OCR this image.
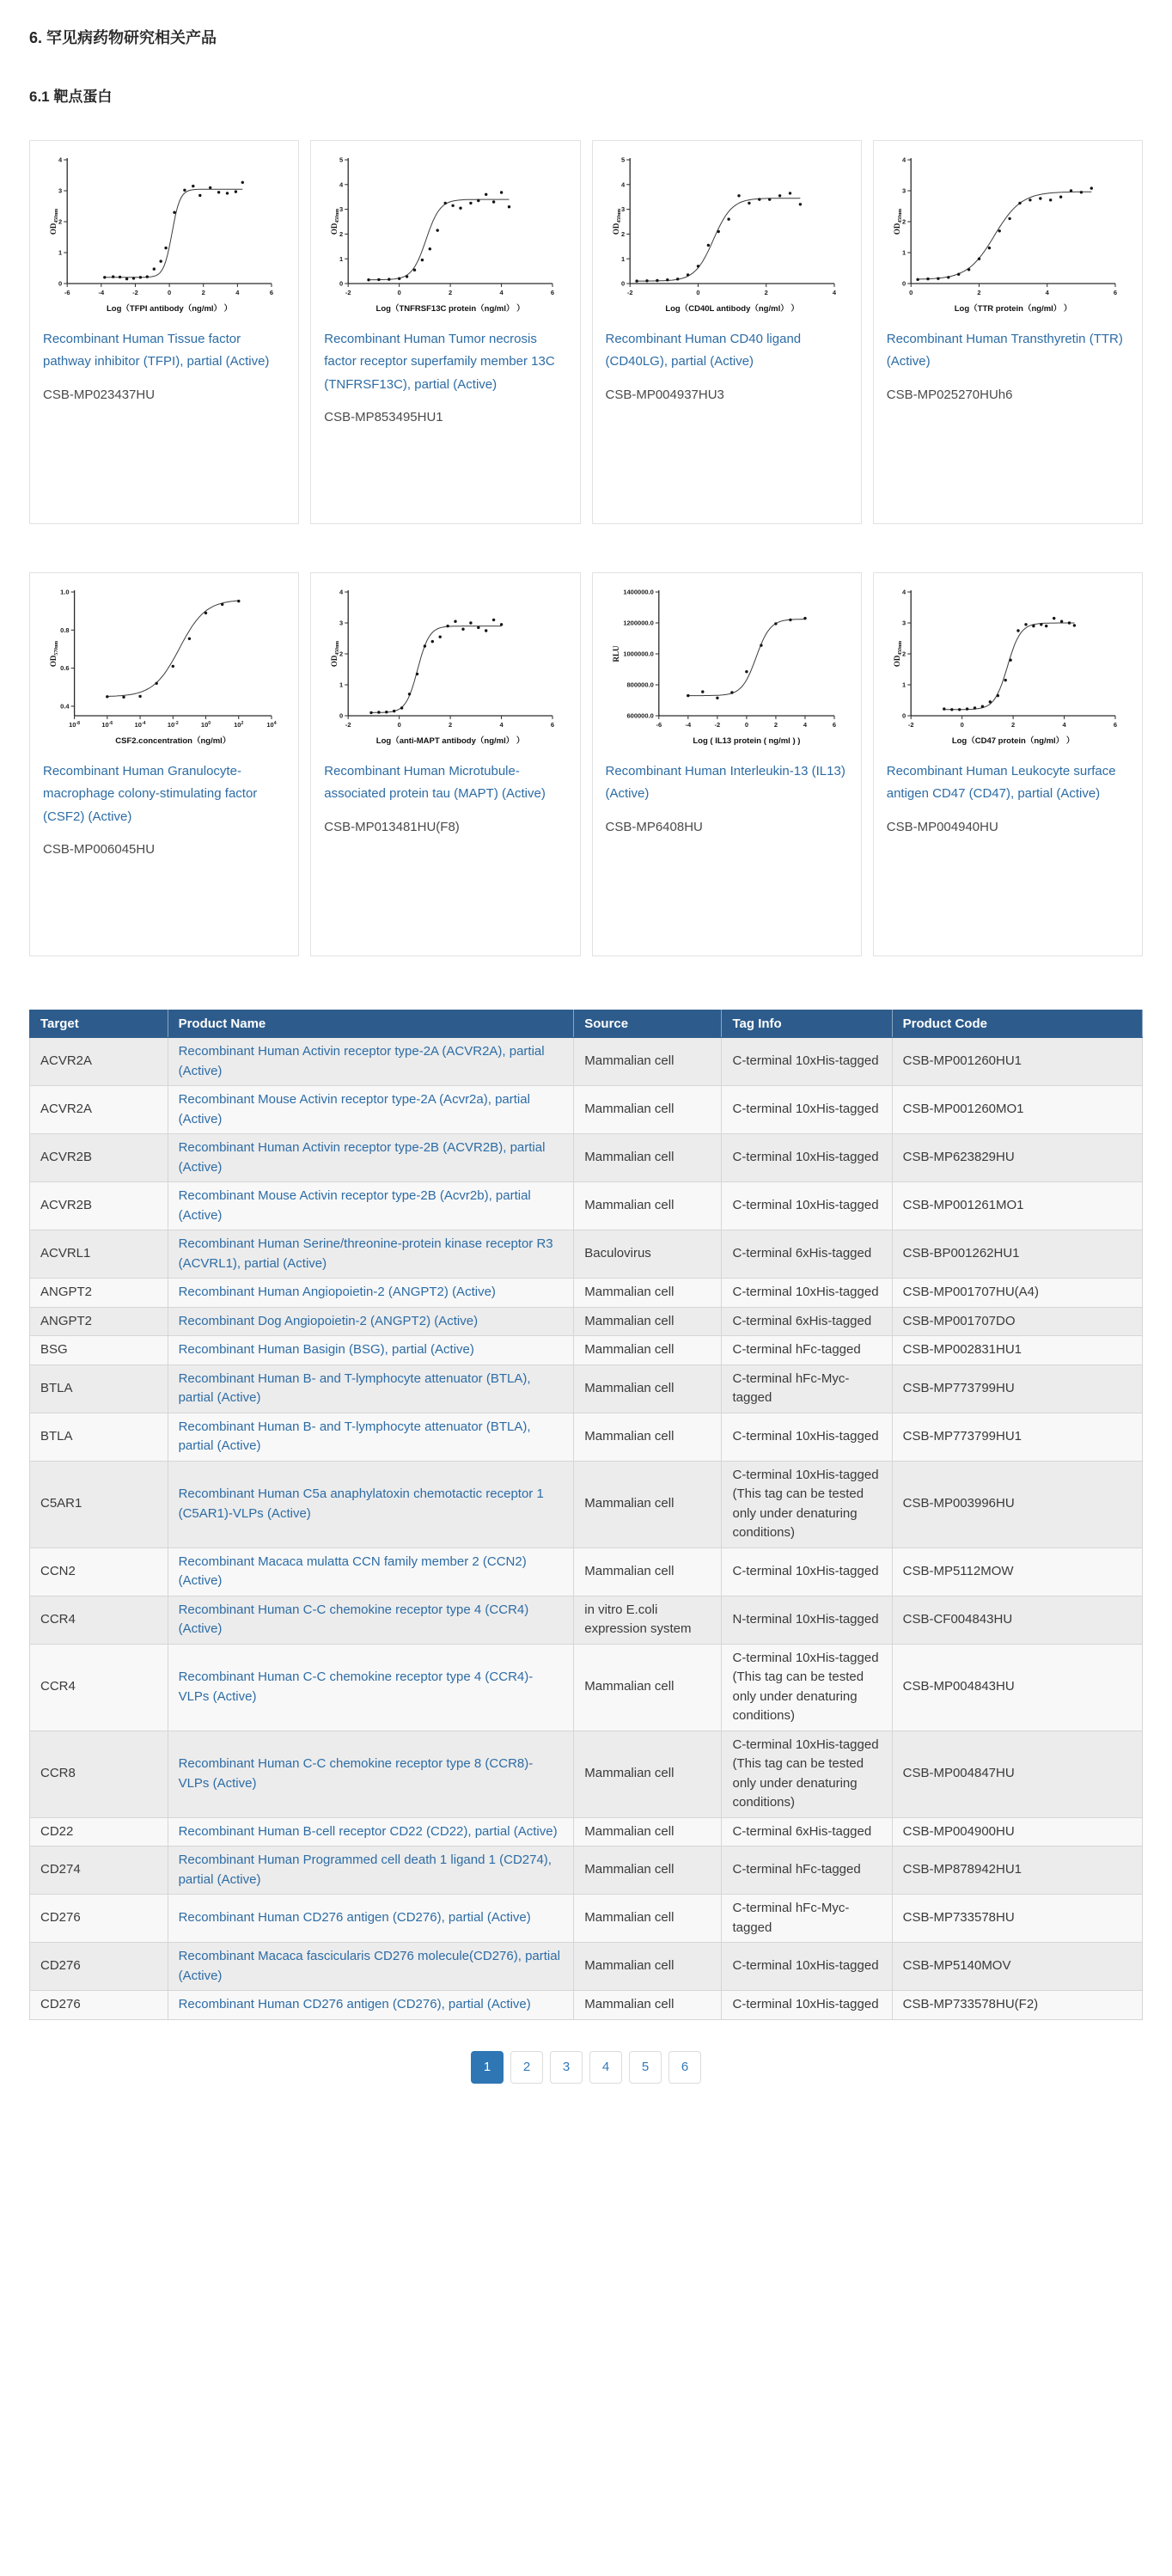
6. 罕见病药物研究相关产品
6.1 靶点蛋白
0
1
2
3
4
-6	-4	-2	0	2	4	6
Log（TFPI antibody（ng/ml） ）
$OD_{450nm}$
Recombinant Human Tissue factor pathway inhibitor (TFPI), partial (Active)
CSB-MP023437HU
0
1
2
3
4
5
-2	0	2	4	6
Log（TNFRSF13C protein（ng/ml） ）
$OD_{450nm}$
Recombinant Human Tumor necrosis factor receptor superfamily member 13C (TNFRSF13C), partial (Active)
CSB-MP853495HU1
0
1
2
3
4
5
-2	0	2	4
Log（CD40L antibody（ng/ml） ）
$OD_{450nm}$
Recombinant Human CD40 ligand (CD40LG), partial (Active)
CSB-MP004937HU3
0
1
2
3
4
0	2	4	6
Log（TTR protein（ng/ml） ）
$OD_{450nm}$
Recombinant Human Transthyretin (TTR) (Active)
CSB-MP025270HUh6
0.4
0.6
0.8
1.0
$10^{-8}$	$10^{-6}$	$10^{-4}$	$10^{-2}$	$10^0$	$10^2$	$10^4$
CSF2.concentration（ng/ml）
$OD_{570nm}$
Recombinant Human Granulocyte-macrophage colony-stimulating factor (CSF2) (Active)
CSB-MP006045HU
0
1
2
3
4
-2	0	2	4	6
Log（anti-MAPT antibody（ng/ml） ）
$OD_{450nm}$
Recombinant Human Microtubule-associated protein tau (MAPT) (Active)
CSB-MP013481HU(F8)
600000.0
800000.0
1000000.0
1200000.0
1400000.0
-6	-4	-2	0	2	4	6
Log ( IL13 protein ( ng/ml ) )
RLU
Recombinant Human Interleukin-13 (IL13) (Active)
CSB-MP6408HU
0
1
2
3
4
-2	0	2	4	6
Log（CD47 protein（ng/ml） ）
$OD_{450nm}$
Recombinant Human Leukocyte surface antigen CD47 (CD47), partial (Active)
CSB-MP004940HU
Target	Product Name	Source	Tag Info	Product Code
ACVR2A	Recombinant Human Activin receptor type-2A (ACVR2A), partial (Active)	Mammalian cell	C-terminal 10xHis-tagged	CSB-MP001260HU1
ACVR2A	Recombinant Mouse Activin receptor type-2A (Acvr2a), partial (Active)	Mammalian cell	C-terminal 10xHis-tagged	CSB-MP001260MO1
ACVR2B	Recombinant Human Activin receptor type-2B (ACVR2B), partial (Active)	Mammalian cell	C-terminal 10xHis-tagged	CSB-MP623829HU
ACVR2B	Recombinant Mouse Activin receptor type-2B (Acvr2b), partial (Active)	Mammalian cell	C-terminal 10xHis-tagged	CSB-MP001261MO1
ACVRL1	Recombinant Human Serine/threonine-protein kinase receptor R3 (ACVRL1), partial (Active)	Baculovirus	C-terminal 6xHis-tagged	CSB-BP001262HU1
ANGPT2	Recombinant Human Angiopoietin-2 (ANGPT2) (Active)	Mammalian cell	C-terminal 10xHis-tagged	CSB-MP001707HU(A4)
ANGPT2	Recombinant Dog Angiopoietin-2 (ANGPT2) (Active)	Mammalian cell	C-terminal 6xHis-tagged	CSB-MP001707DO
BSG	Recombinant Human Basigin (BSG), partial (Active)	Mammalian cell	C-terminal hFc-tagged	CSB-MP002831HU1
BTLA	Recombinant Human B- and T-lymphocyte attenuator (BTLA), partial (Active)	Mammalian cell	C-terminal hFc-Myc-tagged	CSB-MP773799HU
BTLA	Recombinant Human B- and T-lymphocyte attenuator (BTLA), partial (Active)	Mammalian cell	C-terminal 10xHis-tagged	CSB-MP773799HU1
C5AR1	Recombinant Human C5a anaphylatoxin chemotactic receptor 1 (C5AR1)-VLPs (Active)	Mammalian cell	C-terminal 10xHis-tagged (This tag can be tested only under denaturing conditions)	CSB-MP003996HU
CCN2	Recombinant Macaca mulatta CCN family member 2 (CCN2) (Active)	Mammalian cell	C-terminal 10xHis-tagged	CSB-MP5112MOW
CCR4	Recombinant Human C-C chemokine receptor type 4 (CCR4) (Active)	in vitro E.coli expression system	N-terminal 10xHis-tagged	CSB-CF004843HU
CCR4	Recombinant Human C-C chemokine receptor type 4 (CCR4)-VLPs (Active)	Mammalian cell	C-terminal 10xHis-tagged (This tag can be tested only under denaturing conditions)	CSB-MP004843HU
CCR8	Recombinant Human C-C chemokine receptor type 8 (CCR8)-VLPs (Active)	Mammalian cell	C-terminal 10xHis-tagged (This tag can be tested only under denaturing conditions)	CSB-MP004847HU
CD22	Recombinant Human B-cell receptor CD22 (CD22), partial (Active)	Mammalian cell	C-terminal 6xHis-tagged	CSB-MP004900HU
CD274	Recombinant Human Programmed cell death 1 ligand 1 (CD274), partial (Active)	Mammalian cell	C-terminal hFc-tagged	CSB-MP878942HU1
CD276	Recombinant Human CD276 antigen (CD276), partial (Active)	Mammalian cell	C-terminal hFc-Myc-tagged	CSB-MP733578HU
CD276	Recombinant Macaca fascicularis CD276 molecule(CD276), partial (Active)	Mammalian cell	C-terminal 10xHis-tagged	CSB-MP5140MOV
CD276	Recombinant Human CD276 antigen (CD276), partial (Active)	Mammalian cell	C-terminal 10xHis-tagged	CSB-MP733578HU(F2)
1	2	3	4	5	6
